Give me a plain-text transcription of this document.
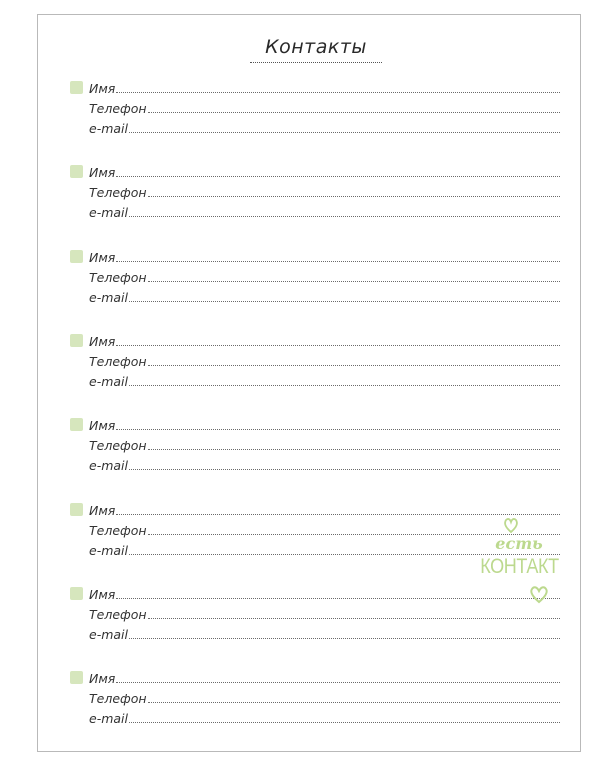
Контакты
Имя
Телефон
e-mail
Имя
Телефон
e-mail
Имя
Телефон
e-mail
Имя
Телефон
e-mail
Имя
Телефон
e-mail
Имя
Телефон
e-mail
Имя
Телефон
e-mail
Имя
Телефон
e-mail
есть
КОНТАКТ
